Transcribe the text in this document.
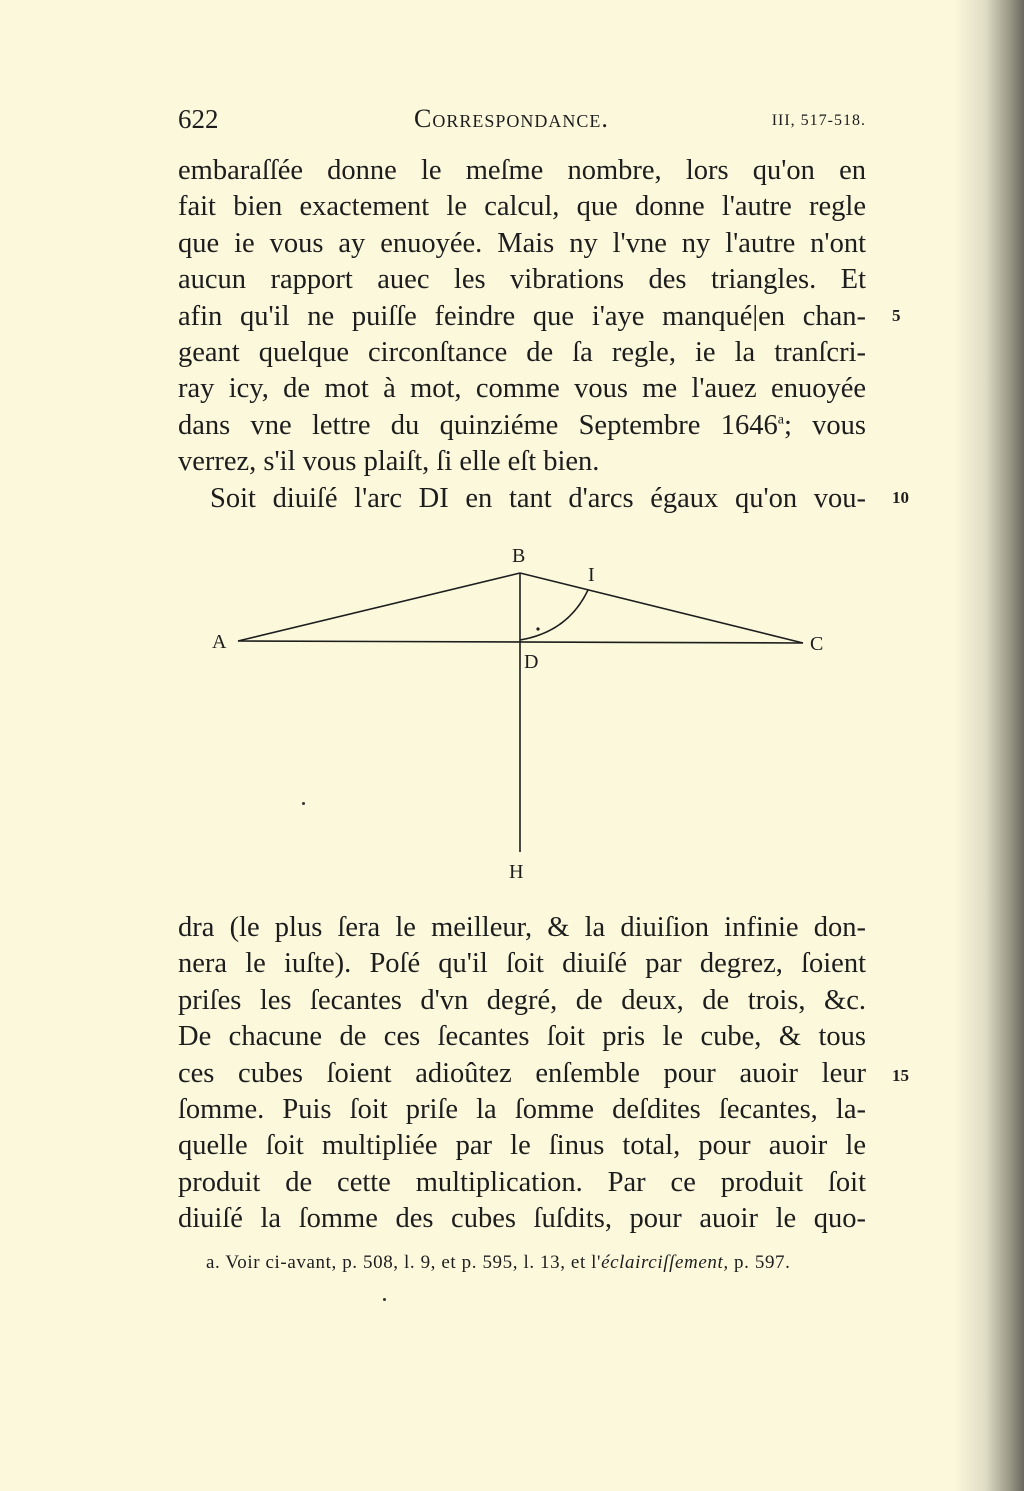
622	Correspondance.	III, 517-518.
embaraſſée donne le meſme nombre, lors qu'on en
fait bien exactement le calcul, que donne l'autre regle
que ie vous ay enuoyée. Mais ny l'vne ny l'autre n'ont
aucun rapport auec les vibrations des triangles. Et
afin qu'il ne puiſſe feindre que i'aye manqué|en chan-
geant quelque circonſtance de ſa regle, ie la tranſcri-
ray icy, de mot à mot, comme vous me l'auez enuoyée
dans vne lettre du quinziéme Septembre 1646$^a$; vous
verrez, s'il vous plaiſt, ſi elle eſt bien.
Soit diuiſé l'arc DI en tant d'arcs égaux qu'on vou-
5
10
15
A
B
C
D
H
I
dra (le plus ſera le meilleur, & la diuiſion infinie don-
nera le iuſte). Poſé qu'il ſoit diuiſé par degrez, ſoient
priſes les ſecantes d'vn degré, de deux, de trois, &c.
De chacune de ces ſecantes ſoit pris le cube, & tous
ces cubes ſoient adioûtez enſemble pour auoir leur
ſomme. Puis ſoit priſe la ſomme deſdites ſecantes, la-
quelle ſoit multipliée par le ſinus total, pour auoir le
produit de cette multiplication. Par ce produit ſoit
diuiſé la ſomme des cubes ſuſdits, pour auoir le quo-
a. Voir ci-avant, p. 508, l. 9, et p. 595, l. 13, et l'éclairciſſement, p. 597.
